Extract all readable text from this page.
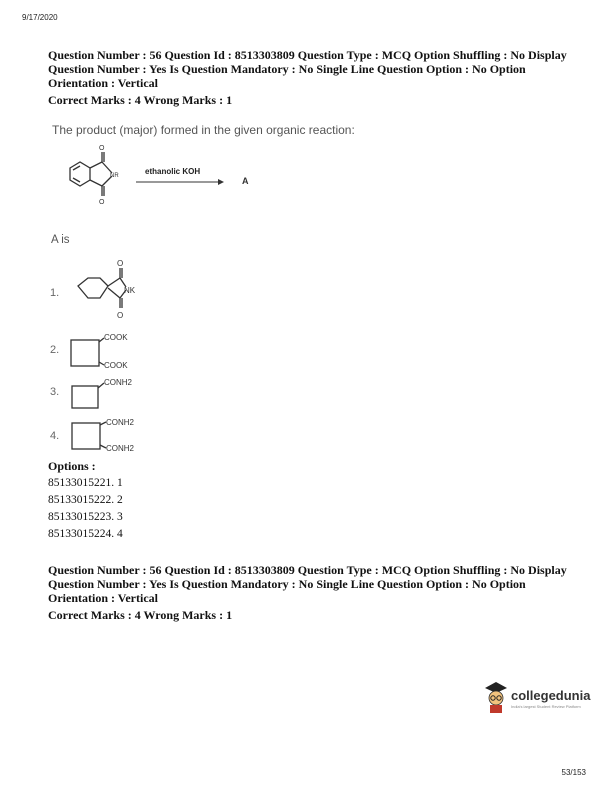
9/17/2020
Question Number : 56 Question Id : 8513303809 Question Type : MCQ Option Shuffling : No Display
Question Number : Yes Is Question Mandatory : No Single Line Question Option : No Option
Orientation : Vertical
Correct Marks : 4 Wrong Marks : 1
The product (major) formed in the given organic reaction:
O
O
NR	ethanolic KOH
A
A is
1.
O
NK
O
2.
COOK
COOK
3.
CONH2
4.
CONH2
CONH2
Options :
85133015221. 1
85133015222. 2
85133015223. 3
85133015224. 4
Question Number : 56 Question Id : 8513303809 Question Type : MCQ Option Shuffling : No Display
Question Number : Yes Is Question Mandatory : No Single Line Question Option : No Option
Orientation : Vertical
Correct Marks : 4 Wrong Marks : 1
collegedunia
India's largest Student Review Platform
53/153
